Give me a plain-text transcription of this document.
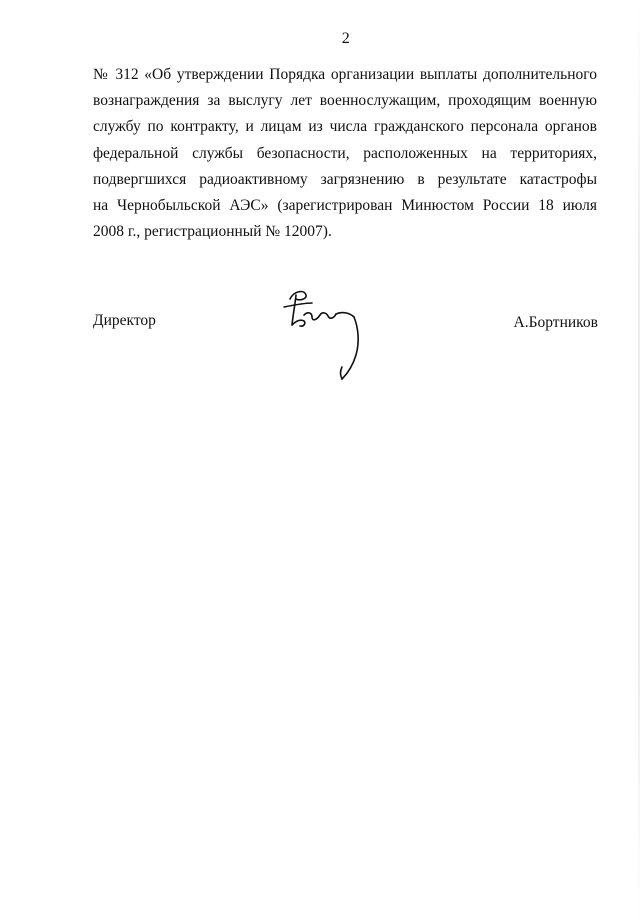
2

№ 312 «Об утверждении Порядка организации выплаты дополнительного
вознаграждения за выслугу лет военнослужащим, проходящим военную
службу по контракту, и лицам из числа гражданского персонала органов
федеральной службы безопасности, расположенных на территориях,
подвергшихся радиоактивному загрязнению в результате катастрофы
на Чернобыльской АЭС» (зарегистрирован Минюстом России 18 июля
2008 г., регистрационный № 12007).

Директор	А.Бортников
